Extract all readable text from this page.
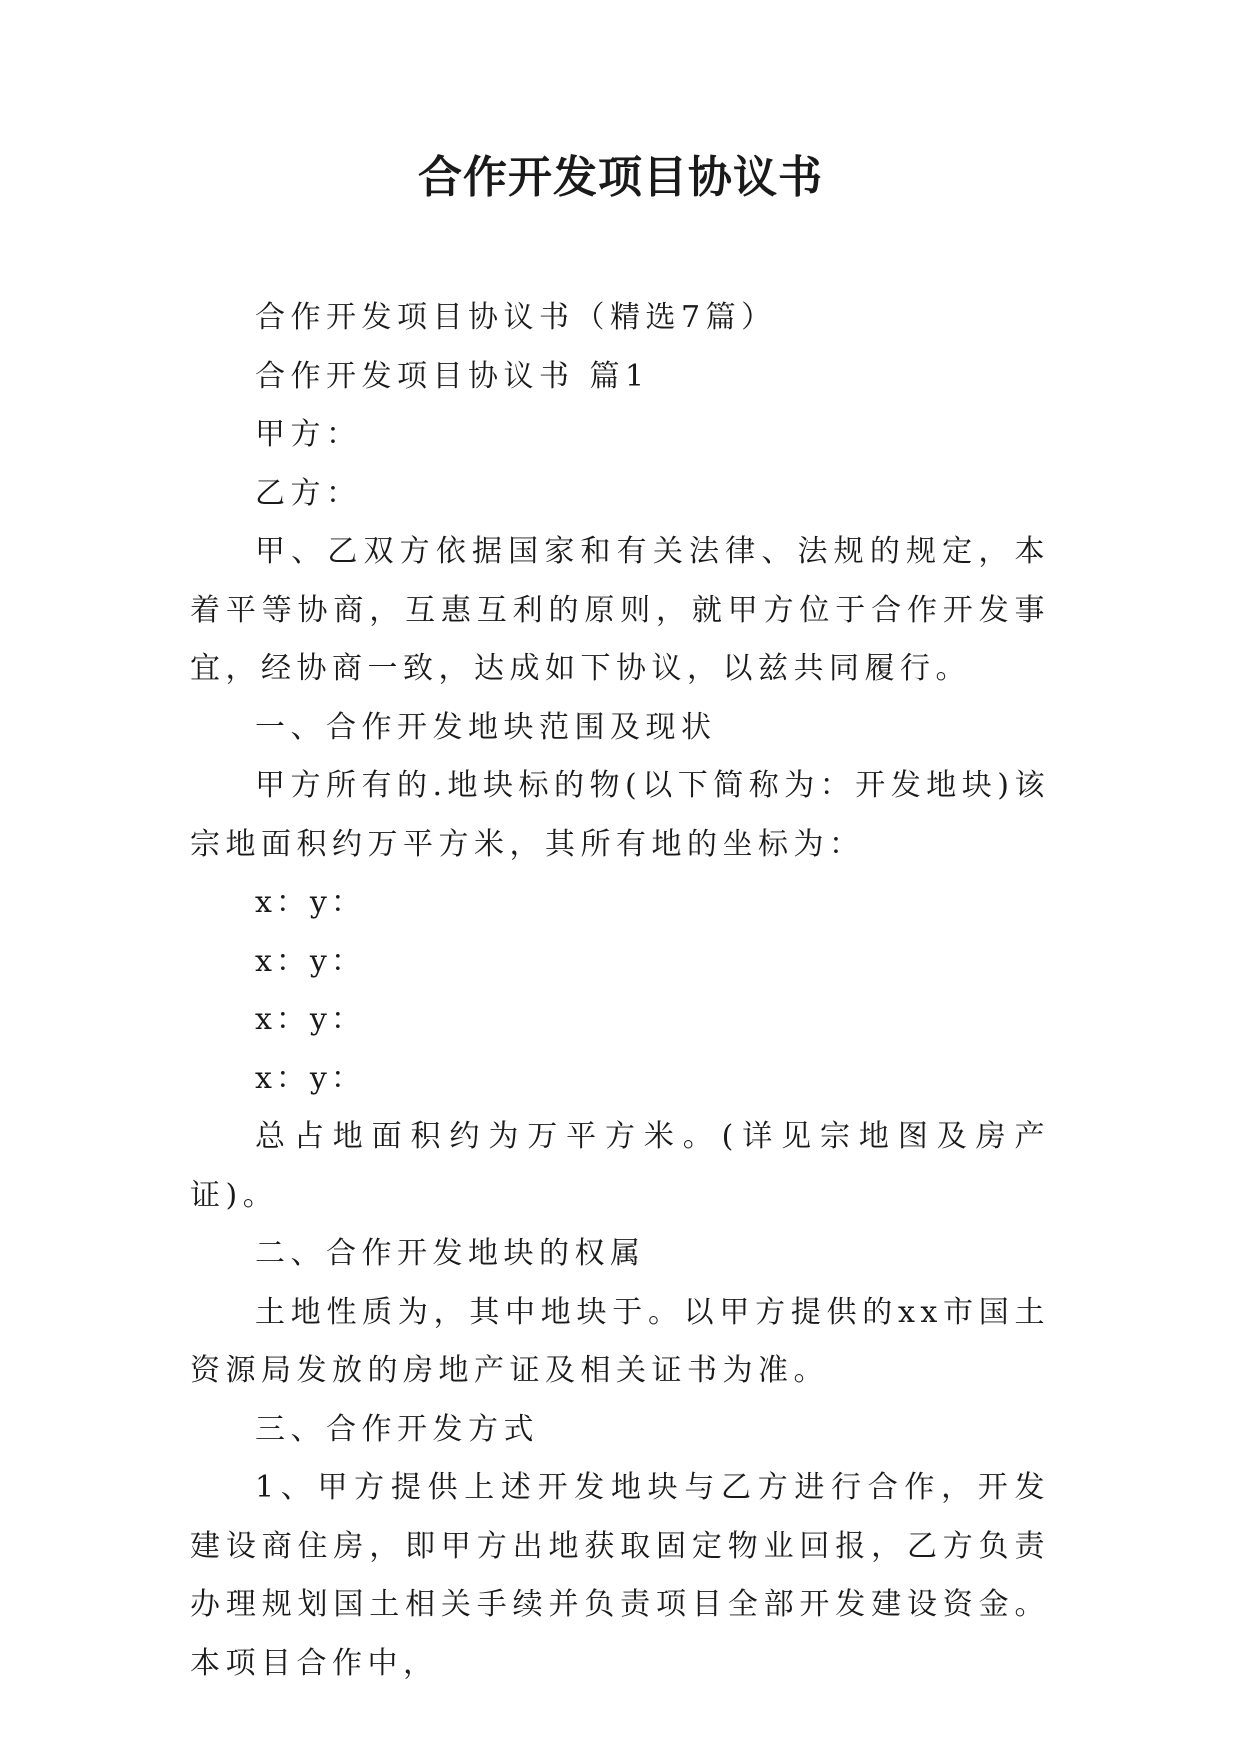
合作开发项目协议书

合作开发项目协议书（精选7篇）

合作开发项目协议书 篇1

甲方：

乙方：

甲、乙双方依据国家和有关法律、法规的规定，本着平等协商，互惠互利的原则，就甲方位于合作开发事宜，经协商一致，达成如下协议，以兹共同履行。

一、合作开发地块范围及现状

甲方所有的.地块标的物(以下简称为：开发地块)该宗地面积约万平方米，其所有地的坐标为：

x：y：

x：y：

x：y：

x：y：

总占地面积约为万平方米。(详见宗地图及房产证)。

二、合作开发地块的权属

土地性质为，其中地块于。以甲方提供的xx市国土资源局发放的房地产证及相关证书为准。

三、合作开发方式

1、甲方提供上述开发地块与乙方进行合作，开发建设商住房，即甲方出地获取固定物业回报，乙方负责办理规划国土相关手续并负责项目全部开发建设资金。本项目合作中，
